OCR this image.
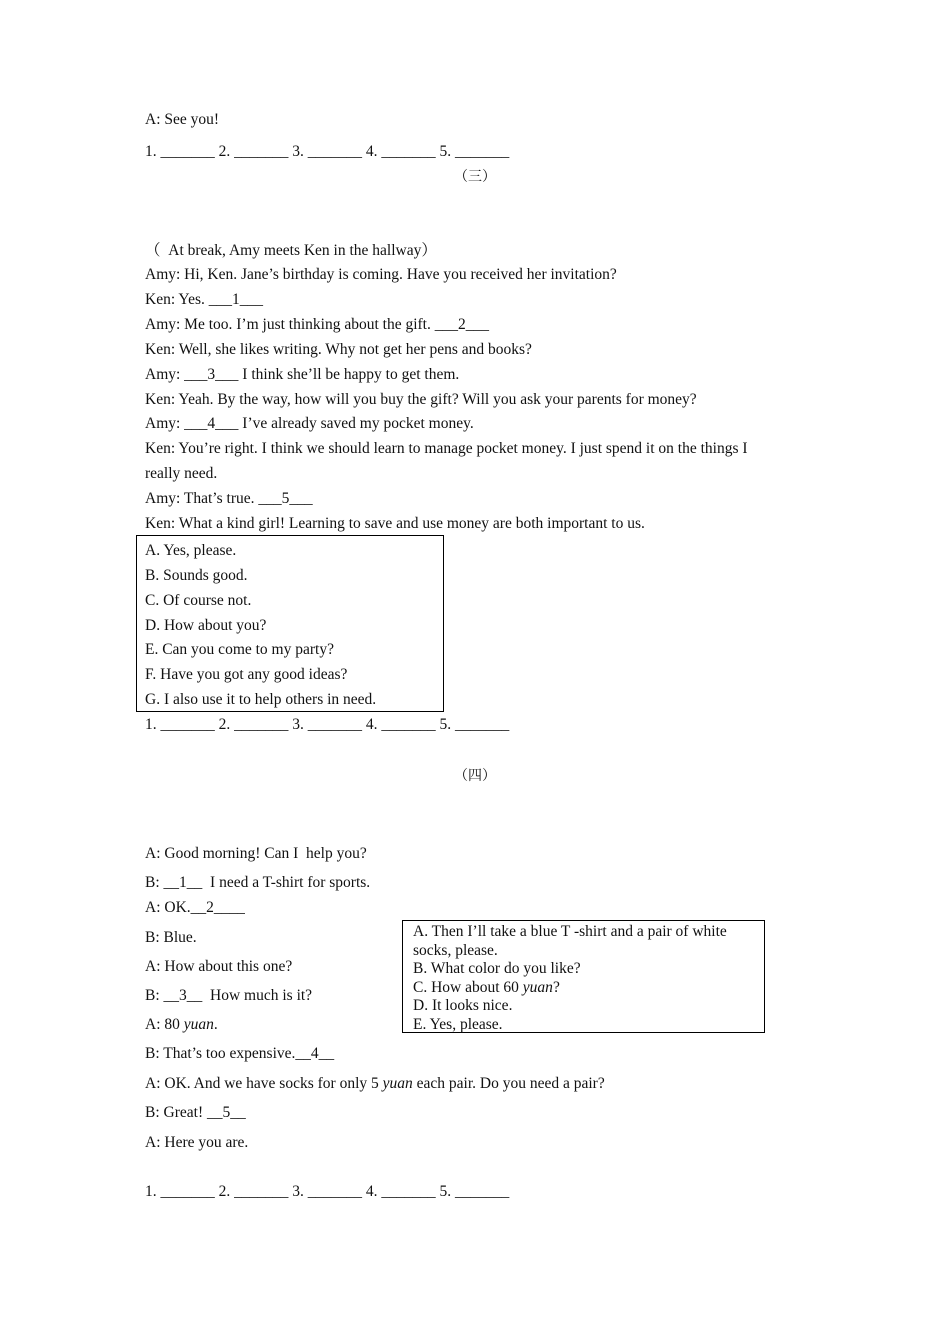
A: See you!
1. _______ 2. _______ 3. _______ 4. _______ 5. _______
（三）
（  At break, Amy meets Ken in the hallway）
Amy: Hi, Ken. Jane’s birthday is coming. Have you received her invitation?
Ken: Yes. ___1___
Amy: Me too. I’m just thinking about the gift. ___2___
Ken: Well, she likes writing. Why not get her pens and books?
Amy: ___3___ I think she’ll be happy to get them.
Ken: Yeah. By the way, how will you buy the gift? Will you ask your parents for money?
Amy: ___4___ I’ve already saved my pocket money.
Ken: You’re right. I think we should learn to manage pocket money. I just spend it on the things I
really need.
Amy: That’s true. ___5___
Ken: What a kind girl! Learning to save and use money are both important to us.
A. Yes, please.
B. Sounds good.
C. Of course not.
D. How about you?
E. Can you come to my party?
F. Have you got any good ideas?
G. I also use it to help others in need.
1. _______ 2. _______ 3. _______ 4. _______ 5. _______
（四）
A: Good morning! Can I  help you?
B: __1__  I need a T-shirt for sports.
A: OK.__2____
B: Blue.
A: How about this one?
B: __3__  How much is it?
A: 80 yuan.
B: That’s too expensive.__4__
A: OK. And we have socks for only 5 yuan each pair. Do you need a pair?
B: Great! __5__
A: Here you are.
A. Then I’ll take a blue T -shirt and a pair of white socks, please.
B. What color do you like?
C. How about 60 yuan?
D. It looks nice.
E. Yes, please.
1. _______ 2. _______ 3. _______ 4. _______ 5. _______
